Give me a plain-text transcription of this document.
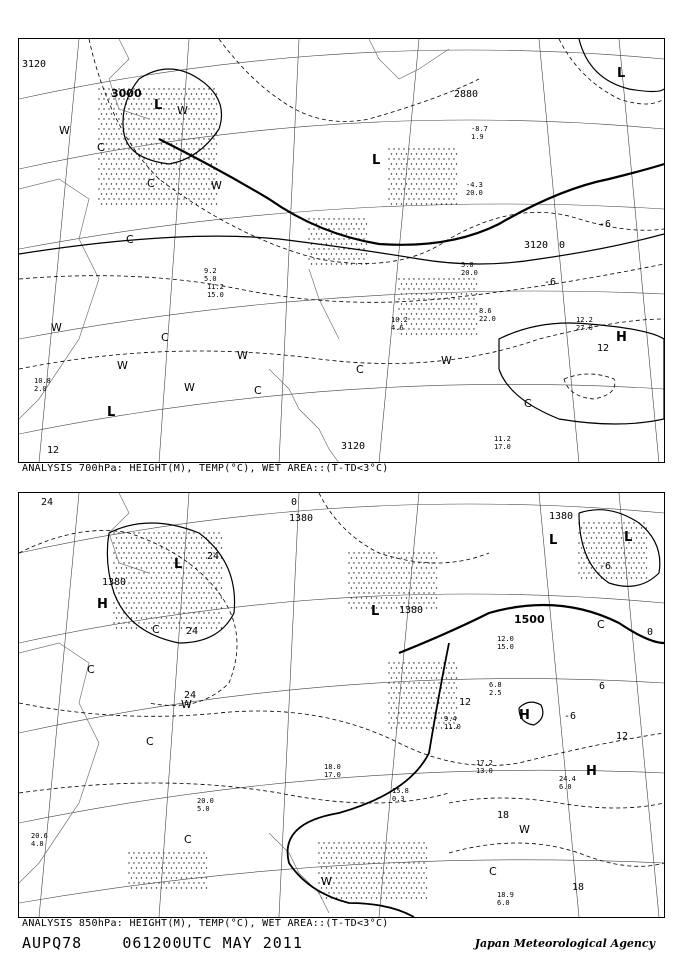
3120
3000	2880
3120
3120
-6
0
-6
12
12
L
L
L
L
H
W
W
W
W
W
W
W
W
C
C
C
C
C
C
C
10.8
2.0
11.2
17.0
8.6
22.0	12.2
27.0
10.2
4.6
-4.3
20.0
5.0
20.0
-8.7
1.9
11.2
15.0
9.2
5.0
ANALYSIS 700hPa: HEIGHT(M), TEMP(°C), WET AREA::(T-TD<3°C)
1380	1380
1380
1380
1500
24
24
24
24
0
-6
-6
0
6
12
12
18
18
L
L
L	L
H
H
H
W
W
W
C
C
C
C
C
C
20.6
4.8
20.0
5.0
15.8
0.3
17.2
13.0
18.9
6.0
12.0
15.0
9.4
11.0
24.4
6.0
18.0
17.0
6.8
2.5
ANALYSIS 850hPa: HEIGHT(M), TEMP(°C), WET AREA::(T-TD<3°C)
AUPQ78	061200UTC MAY 2011	Japan Meteorological Agency
